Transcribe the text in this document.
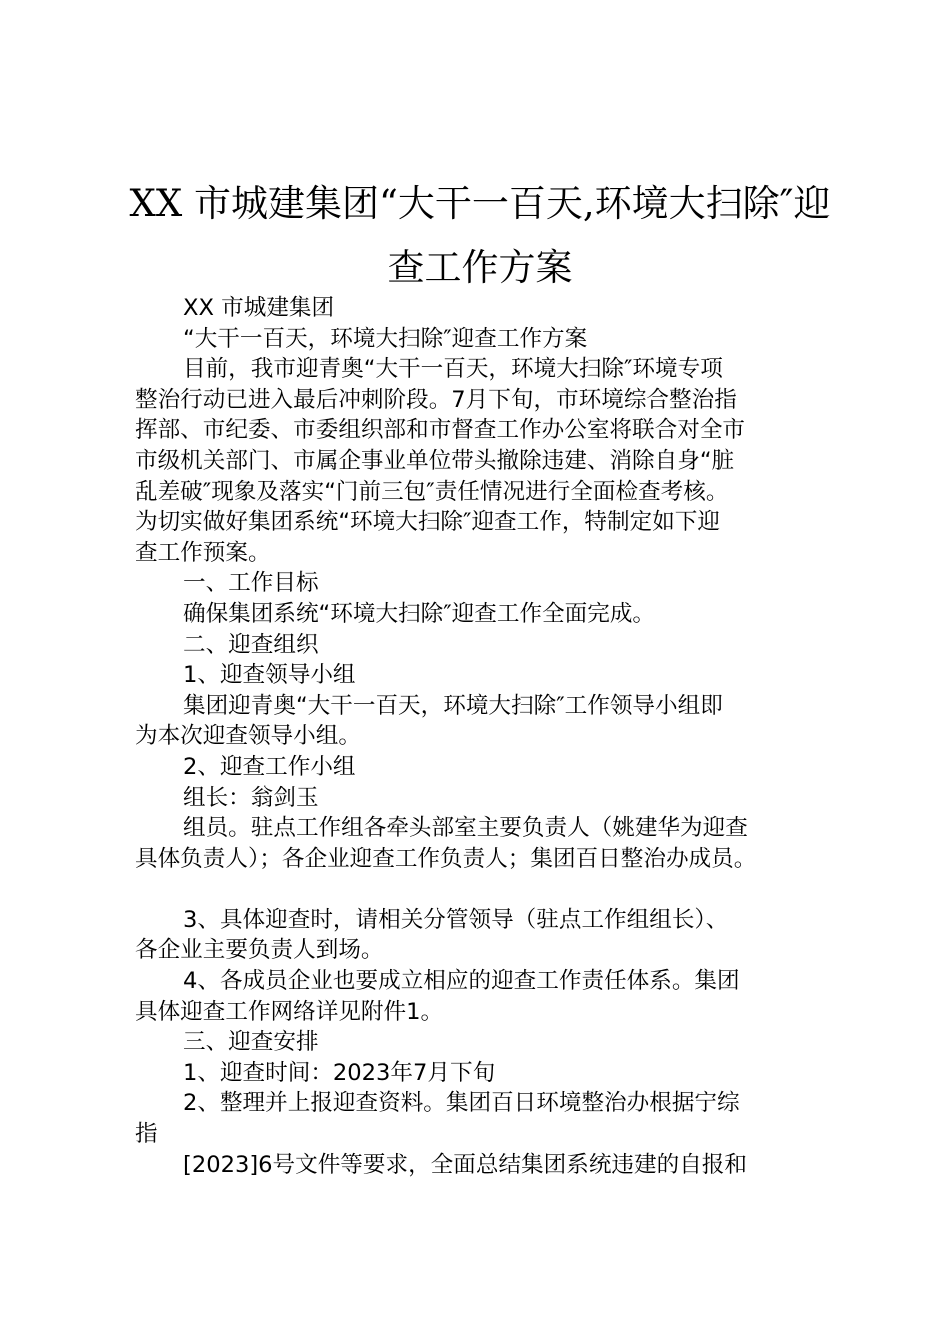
XX 市城建集团“大干一百天,环境大扫除″迎
查工作方案
XX 市城建集团
“大干一百天，环境大扫除″迎查工作方案
目前，我市迎青奥“大干一百天，环境大扫除″环境专项
整治行动已进入最后冲刺阶段。7月下旬，市环境综合整治指
挥部、市纪委、市委组织部和市督查工作办公室将联合对全市
市级机关部门、市属企事业单位带头撤除违建、消除自身“脏
乱差破″现象及落实“门前三包″责任情况进行全面检查考核。
为切实做好集团系统“环境大扫除″迎查工作，特制定如下迎
查工作预案。
一、工作目标
确保集团系统“环境大扫除″迎查工作全面完成。
二、迎查组织
1、迎查领导小组
集团迎青奥“大干一百天，环境大扫除″工作领导小组即
为本次迎查领导小组。
2、迎查工作小组
组长：翁剑玉
组员。驻点工作组各牵头部室主要负责人（姚建华为迎查
具体负责人）；各企业迎查工作负责人；集团百日整治办成员。
3、具体迎查时，请相关分管领导（驻点工作组组长）、
各企业主要负责人到场。
4、各成员企业也要成立相应的迎查工作责任体系。集团
具体迎查工作网络详见附件1。
三、迎查安排
1、迎查时间：2023年7月下旬
2、整理并上报迎查资料。集团百日环境整治办根据宁综
指
[2023]6号文件等要求，全面总结集团系统违建的自报和
